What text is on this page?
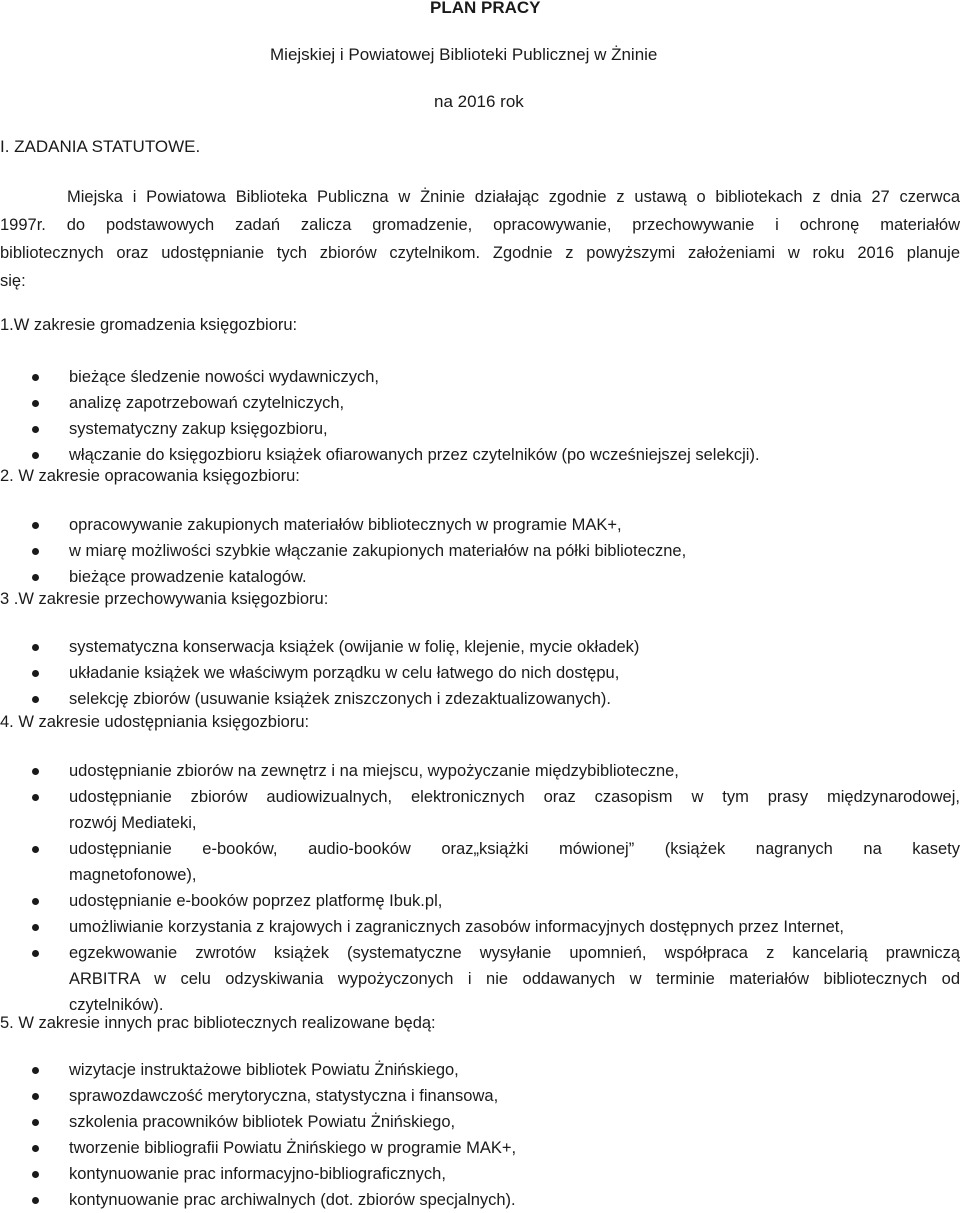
PLAN PRACY
Miejskiej i Powiatowej Biblioteki Publicznej w Żninie
na 2016 rok
I. ZADANIA STATUTOWE.
Miejska i Powiatowa Biblioteka Publiczna w Żninie działając zgodnie z ustawą o bibliotekach z dnia 27 czerwca
1997r. do podstawowych zadań zalicza gromadzenie, opracowywanie, przechowywanie i ochronę materiałów
bibliotecznych oraz udostępnianie tych zbiorów czytelnikom. Zgodnie z powyższymi założeniami w roku 2016 planuje
się:
1.W zakresie gromadzenia księgozbioru:
bieżące śledzenie nowości wydawniczych,
analizę zapotrzebowań czytelniczych,
systematyczny zakup księgozbioru,
włączanie do księgozbioru książek ofiarowanych przez czytelników (po wcześniejszej selekcji).
2. W zakresie opracowania księgozbioru:
opracowywanie zakupionych materiałów bibliotecznych w programie MAK+,
w miarę możliwości szybkie włączanie zakupionych materiałów na półki biblioteczne,
bieżące prowadzenie katalogów.
3 .W zakresie przechowywania księgozbioru:
systematyczna konserwacja książek (owijanie w folię, klejenie, mycie okładek)
układanie książek we właściwym porządku w celu łatwego do nich dostępu,
selekcję zbiorów (usuwanie książek zniszczonych i zdezaktualizowanych).
4. W zakresie udostępniania księgozbioru:
udostępnianie zbiorów na zewnętrz i na miejscu, wypożyczanie międzybiblioteczne,
udostępnianie zbiorów audiowizualnych, elektronicznych oraz czasopism w tym prasy międzynarodowej,
rozwój Mediateki,
udostępnianie e-booków, audio-booków oraz„książki mówionej” (książek nagranych na kasety
magnetofonowe),
udostępnianie e-booków poprzez platformę Ibuk.pl,
umożliwianie korzystania z krajowych i zagranicznych zasobów informacyjnych dostępnych przez Internet,
egzekwowanie zwrotów książek (systematyczne wysyłanie upomnień, współpraca z kancelarią prawniczą
ARBITRA w celu odzyskiwania wypożyczonych i nie oddawanych w terminie materiałów bibliotecznych od
czytelników).
5. W zakresie innych prac bibliotecznych realizowane będą:
wizytacje instruktażowe bibliotek Powiatu Żnińskiego,
sprawozdawczość merytoryczna, statystyczna i finansowa,
szkolenia pracowników bibliotek Powiatu Żnińskiego,
tworzenie bibliografii Powiatu Żnińskiego w programie MAK+,
kontynuowanie prac informacyjno-bibliograficznych,
kontynuowanie prac archiwalnych (dot. zbiorów specjalnych).
